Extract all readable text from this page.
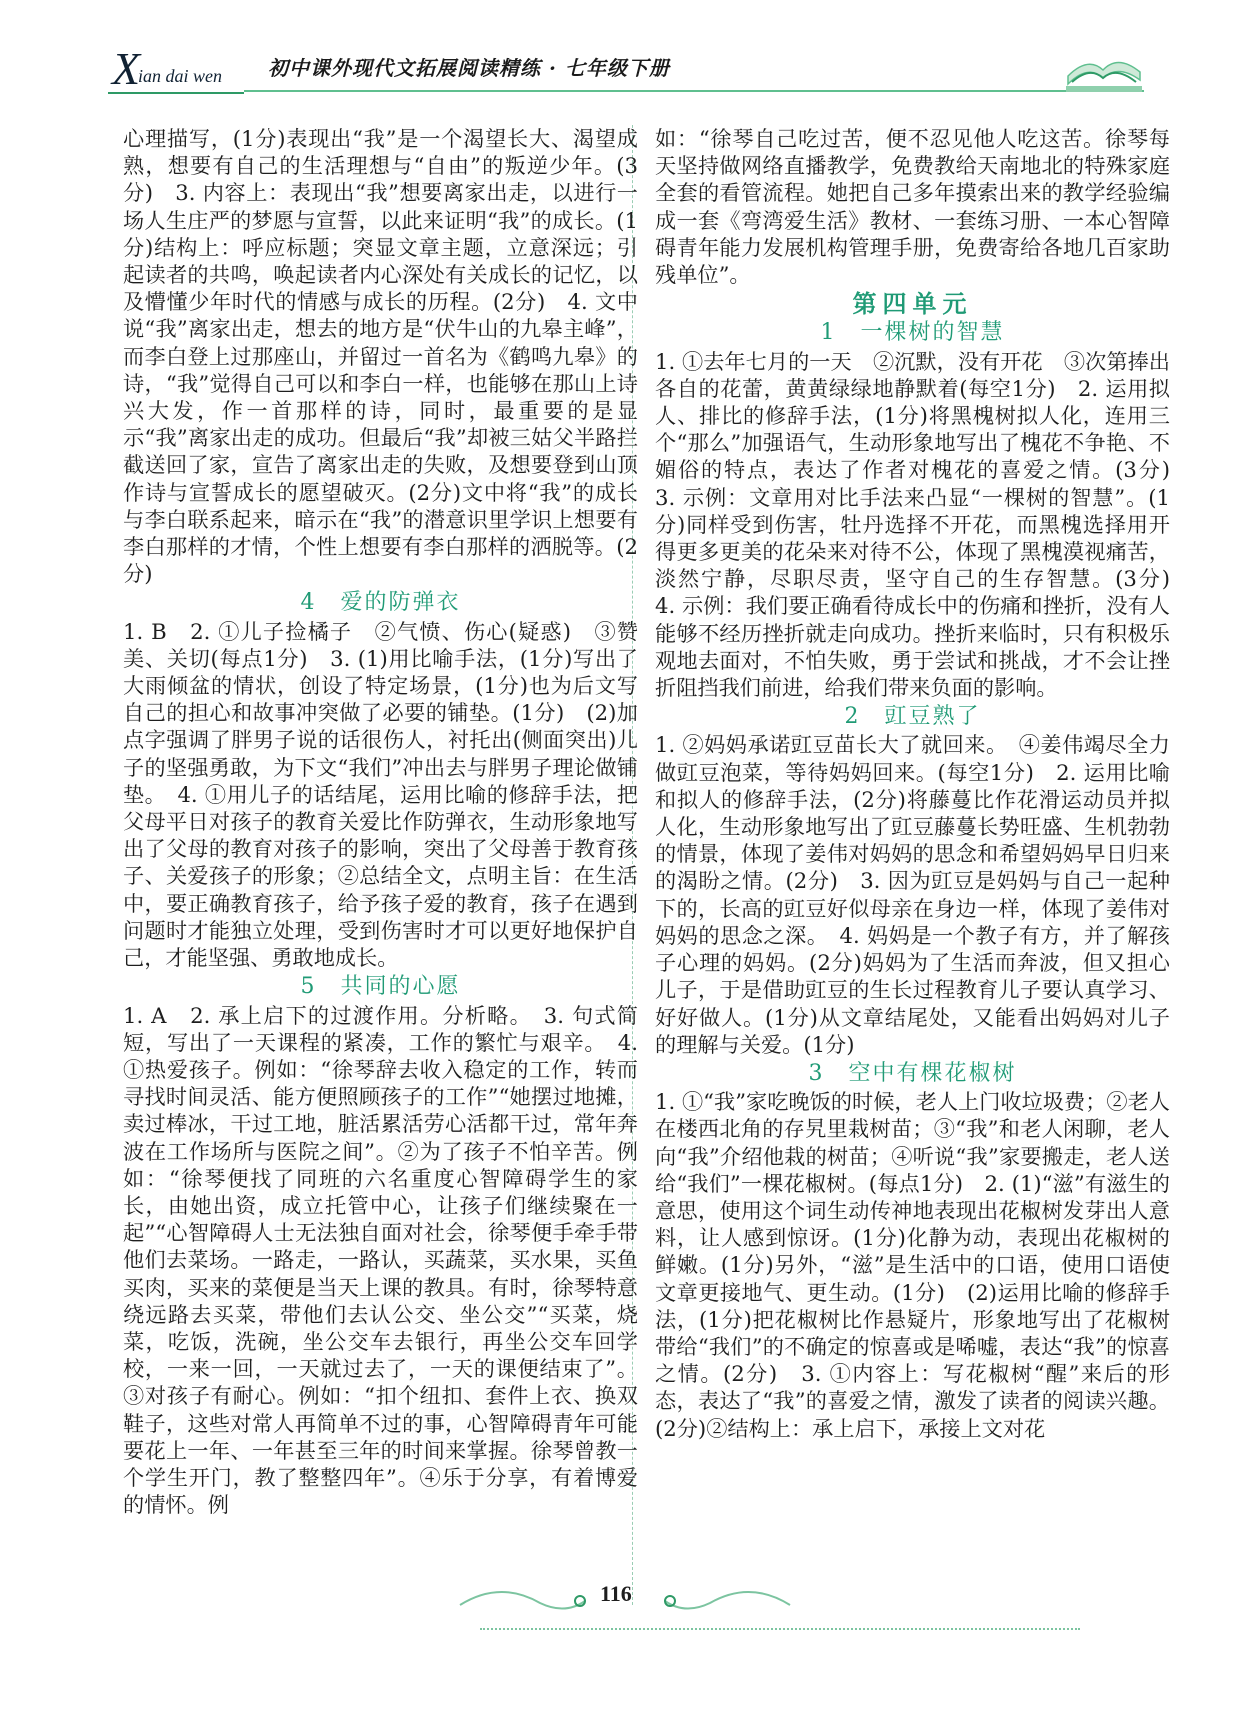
X
ian dai wen 初中课外现代文拓展阅读精练 · 七年级下册

心理描写，(1分)表现出“我”是一个渴望长大、渴望成熟，想要有自己的生活理想与“自由”的叛逆少年。(3分)　3. 内容上：表现出“我”想要离家出走，以进行一场人生庄严的梦愿与宣誓，以此来证明“我”的成长。(1分)结构上：呼应标题；突显文章主题，立意深远；引起读者的共鸣，唤起读者内心深处有关成长的记忆，以及懵懂少年时代的情感与成长的历程。(2分)　4. 文中说“我”离家出走，想去的地方是“伏牛山的九皋主峰”，而李白登上过那座山，并留过一首名为《鹤鸣九皋》的诗，“我”觉得自己可以和李白一样，也能够在那山上诗兴大发，作一首那样的诗，同时，最重要的是显示“我”离家出走的成功。但最后“我”却被三姑父半路拦截送回了家，宣告了离家出走的失败，及想要登到山顶作诗与宣誓成长的愿望破灭。(2分)文中将“我”的成长与李白联系起来，暗示在“我”的潜意识里学识上想要有李白那样的才情，个性上想要有李白那样的洒脱等。(2分)

4　爱的防弹衣

1. B　2. ①儿子捡橘子　②气愤、伤心(疑惑)　③赞美、关切(每点1分)　3. (1)用比喻手法，(1分)写出了大雨倾盆的情状，创设了特定场景，(1分)也为后文写自己的担心和故事冲突做了必要的铺垫。(1分)　(2)加点字强调了胖男子说的话很伤人，衬托出(侧面突出)儿子的坚强勇敢，为下文“我们”冲出去与胖男子理论做铺垫。　4. ①用儿子的话结尾，运用比喻的修辞手法，把父母平日对孩子的教育关爱比作防弹衣，生动形象地写出了父母的教育对孩子的影响，突出了父母善于教育孩子、关爱孩子的形象；②总结全文，点明主旨：在生活中，要正确教育孩子，给予孩子爱的教育，孩子在遇到问题时才能独立处理，受到伤害时才可以更好地保护自己，才能坚强、勇敢地成长。

5　共同的心愿

1. A　2. 承上启下的过渡作用。分析略。　3. 句式简短，写出了一天课程的紧凑，工作的繁忙与艰辛。　4. ①热爱孩子。例如：“徐琴辞去收入稳定的工作，转而寻找时间灵活、能方便照顾孩子的工作”“她摆过地摊，卖过棒冰，干过工地，脏活累活劳心活都干过，常年奔波在工作场所与医院之间”。②为了孩子不怕辛苦。例如：“徐琴便找了同班的六名重度心智障碍学生的家长，由她出资，成立托管中心，让孩子们继续聚在一起”“心智障碍人士无法独自面对社会，徐琴便手牵手带他们去菜场。一路走，一路认，买蔬菜，买水果，买鱼买肉，买来的菜便是当天上课的教具。有时，徐琴特意绕远路去买菜，带他们去认公交、坐公交”“买菜，烧菜，吃饭，洗碗，坐公交车去银行，再坐公交车回学校，一来一回，一天就过去了，一天的课便结束了”。③对孩子有耐心。例如：“扣个纽扣、套件上衣、换双鞋子，这些对常人再简单不过的事，心智障碍青年可能要花上一年、一年甚至三年的时间来掌握。徐琴曾教一个学生开门，教了整整四年”。④乐于分享，有着博爱的情怀。例

如：“徐琴自己吃过苦，便不忍见他人吃这苦。徐琴每天坚持做网络直播教学，免费教给天南地北的特殊家庭全套的看管流程。她把自己多年摸索出来的教学经验编成一套《弯湾爱生活》教材、一套练习册、一本心智障碍青年能力发展机构管理手册，免费寄给各地几百家助残单位”。

第四单元

1　一棵树的智慧

1. ①去年七月的一天　②沉默，没有开花　③次第捧出各自的花蕾，黄黄绿绿地静默着(每空1分)　2. 运用拟人、排比的修辞手法，(1分)将黑槐树拟人化，连用三个“那么”加强语气，生动形象地写出了槐花不争艳、不媚俗的特点，表达了作者对槐花的喜爱之情。(3分)　3. 示例：文章用对比手法来凸显“一棵树的智慧”。(1分)同样受到伤害，牡丹选择不开花，而黑槐选择用开得更多更美的花朵来对待不公，体现了黑槐漠视痛苦，淡然宁静，尽职尽责，坚守自己的生存智慧。(3分)　4. 示例：我们要正确看待成长中的伤痛和挫折，没有人能够不经历挫折就走向成功。挫折来临时，只有积极乐观地去面对，不怕失败，勇于尝试和挑战，才不会让挫折阻挡我们前进，给我们带来负面的影响。

2　豇豆熟了

1. ②妈妈承诺豇豆苗长大了就回来。　④姜伟竭尽全力做豇豆泡菜，等待妈妈回来。(每空1分)　2. 运用比喻和拟人的修辞手法，(2分)将藤蔓比作花滑运动员并拟人化，生动形象地写出了豇豆藤蔓长势旺盛、生机勃勃的情景，体现了姜伟对妈妈的思念和希望妈妈早日归来的渴盼之情。(2分)　3. 因为豇豆是妈妈与自己一起种下的，长高的豇豆好似母亲在身边一样，体现了姜伟对妈妈的思念之深。　4. 妈妈是一个教子有方，并了解孩子心理的妈妈。(2分)妈妈为了生活而奔波，但又担心儿子，于是借助豇豆的生长过程教育儿子要认真学习、好好做人。(1分)从文章结尾处，又能看出妈妈对儿子的理解与关爱。(1分)

3　空中有棵花椒树

1. ①“我”家吃晚饭的时候，老人上门收垃圾费；②老人在楼西北角的存旯里栽树苗；③“我”和老人闲聊，老人向“我”介绍他栽的树苗；④听说“我”家要搬走，老人送给“我们”一棵花椒树。(每点1分)　2. (1)“滋”有滋生的意思，使用这个词生动传神地表现出花椒树发芽出人意料，让人感到惊讶。(1分)化静为动，表现出花椒树的鲜嫩。(1分)另外，“滋”是生活中的口语，使用口语使文章更接地气、更生动。(1分)　(2)运用比喻的修辞手法，(1分)把花椒树比作悬疑片，形象地写出了花椒树带给“我们”的不确定的惊喜或是唏嘘，表达“我”的惊喜之情。(2分)　3. ①内容上：写花椒树“醒”来后的形态，表达了“我”的喜爱之情，激发了读者的阅读兴趣。(2分)②结构上：承上启下，承接上文对花

116
